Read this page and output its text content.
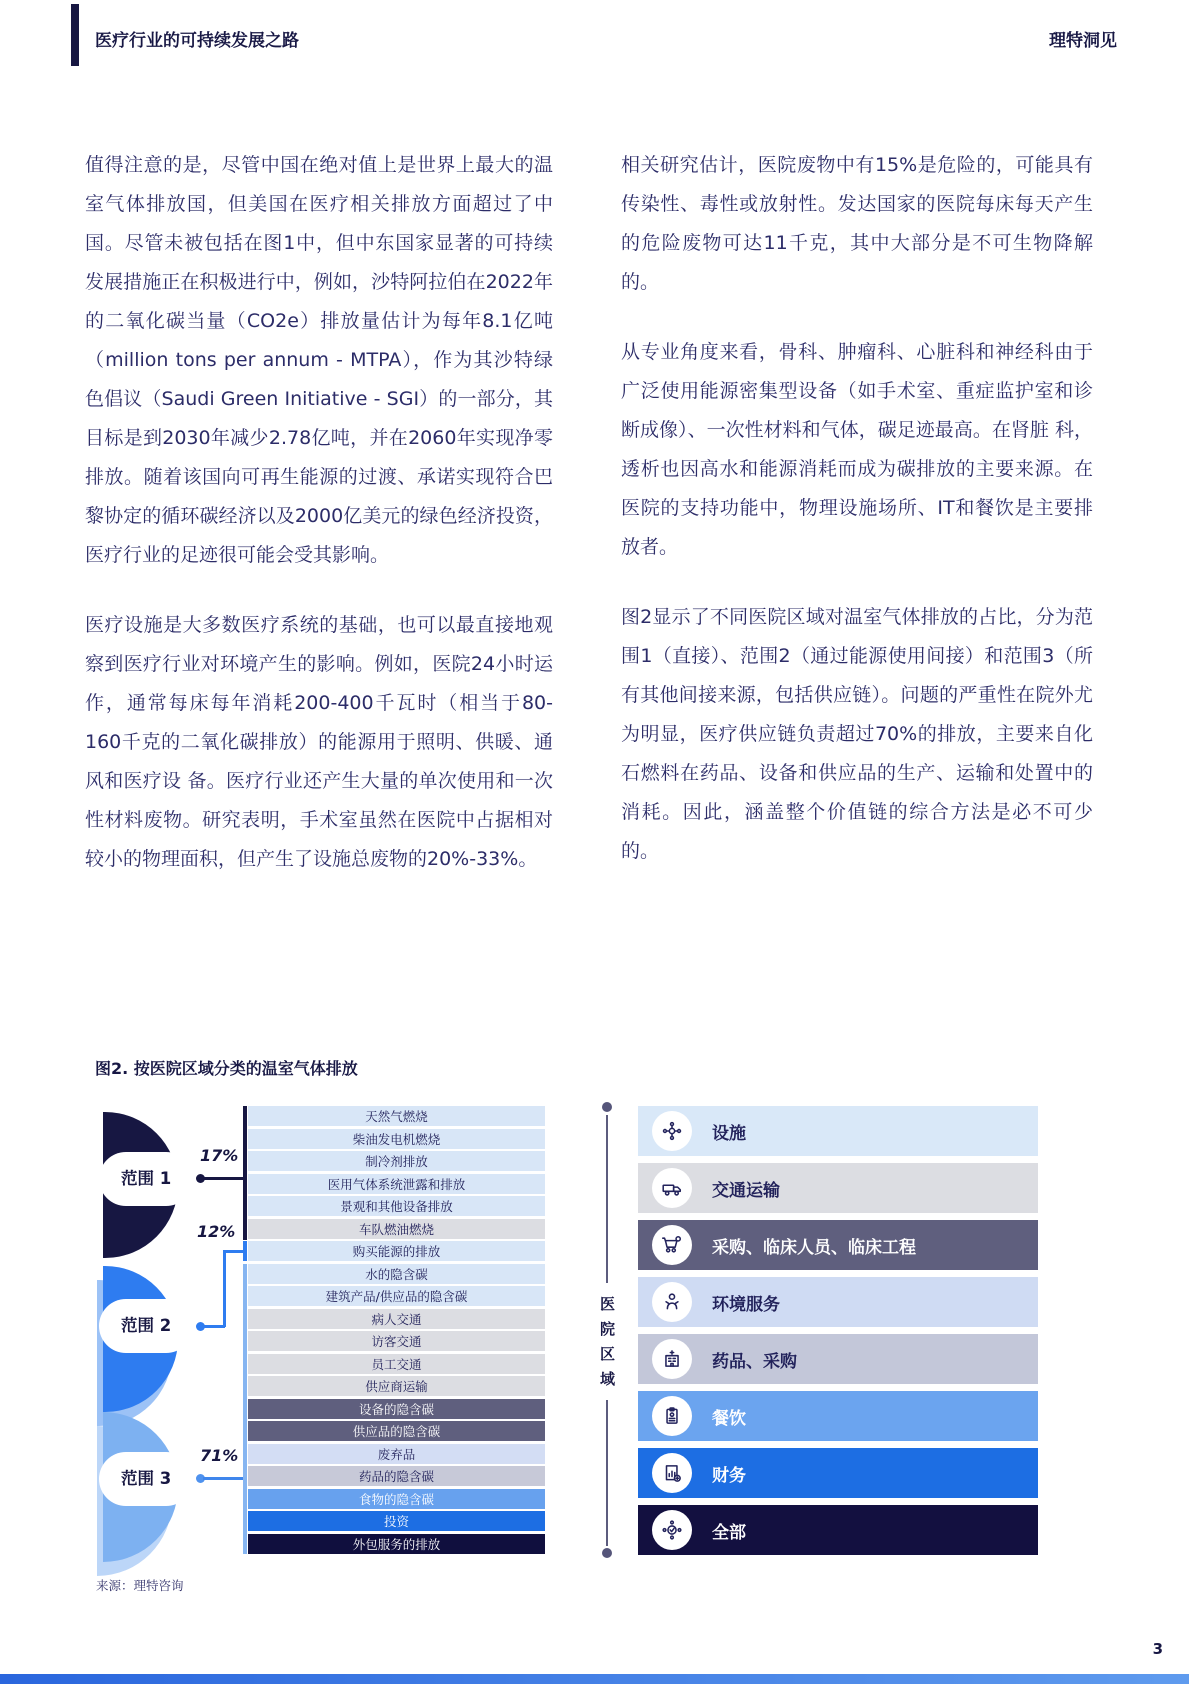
医疗行业的可持续发展之路	理特洞见

值得注意的是，尽管中国在绝对值上是世界上最大的温室气体排放国，但美国在医疗相关排放方面超过了中国。尽管未被包括在图1中，但中东国家显著的可持续发展措施正在积极进行中，例如，沙特阿拉伯在2022年的二氧化碳当量（CO2e）排放量估计为每年8.1亿吨（million tons per annum - MTPA），作为其沙特绿色倡议（Saudi Green Initiative - SGI）的一部分，其目标是到2030年减少2.78亿吨，并在2060年实现净零排放。随着该国向可再生能源的过渡、承诺实现符合巴黎协定的循环碳经济以及2000亿美元的绿色经济投资，医疗行业的足迹很可能会受其影响。

医疗设施是大多数医疗系统的基础，也可以最直接地观察到医疗行业对环境产生的影响。例如，医院24小时运作，通常每床每年消耗200-400千瓦时（相当于80-160千克的二氧化碳排放）的能源用于照明、供暖、通风和医疗设 备。医疗行业还产生大量的单次使用和一次性材料废物。研究表明，手术室虽然在医院中占据相对较小的物理面积，但产生了设施总废物的20%-33%。

相关研究估计，医院废物中有15%是危险的，可能具有传染性、毒性或放射性。发达国家的医院每床每天产生的危险废物可达11千克，其中大部分是不可生物降解的。

从专业角度来看，骨科、肿瘤科、心脏科和神经科由于广泛使用能源密集型设备（如手术室、重症监护室和诊断成像）、一次性材料和气体，碳足迹最高。在肾脏 科，透析也因高水和能源消耗而成为碳排放的主要来源。在医院的支持功能中，物理设施场所、IT和餐饮是主要排放者。

图2显示了不同医院区域对温室气体排放的占比，分为范围1（直接）、范围2（通过能源使用间接）和范围3（所有其他间接来源，包括供应链）。问题的严重性在院外尤为明显，医疗供应链负责超过70%的排放，主要来自化石燃料在药品、设备和供应品的生产、运输和处置中的消耗。因此，涵盖整个价值链的综合方法是必不可少的。

图2. 按医院区域分类的温室气体排放
范围 1
范围 2
范围 3
17%
12%
71%
天然气燃烧
柴油发电机燃烧
制冷剂排放
医用气体系统泄露和排放
景观和其他设备排放
车队燃油燃烧
购买能源的排放
水的隐含碳
建筑产品/供应品的隐含碳
病人交通
访客交通
员工交通
供应商运输
设备的隐含碳
供应品的隐含碳
废弃品
药品的隐含碳
食物的隐含碳
投资
外包服务的排放
医院区域
设施
交通运输
采购、临床人员、临床工程
环境服务
药品、采购
餐饮
财务
全部
来源：理特咨询
3
